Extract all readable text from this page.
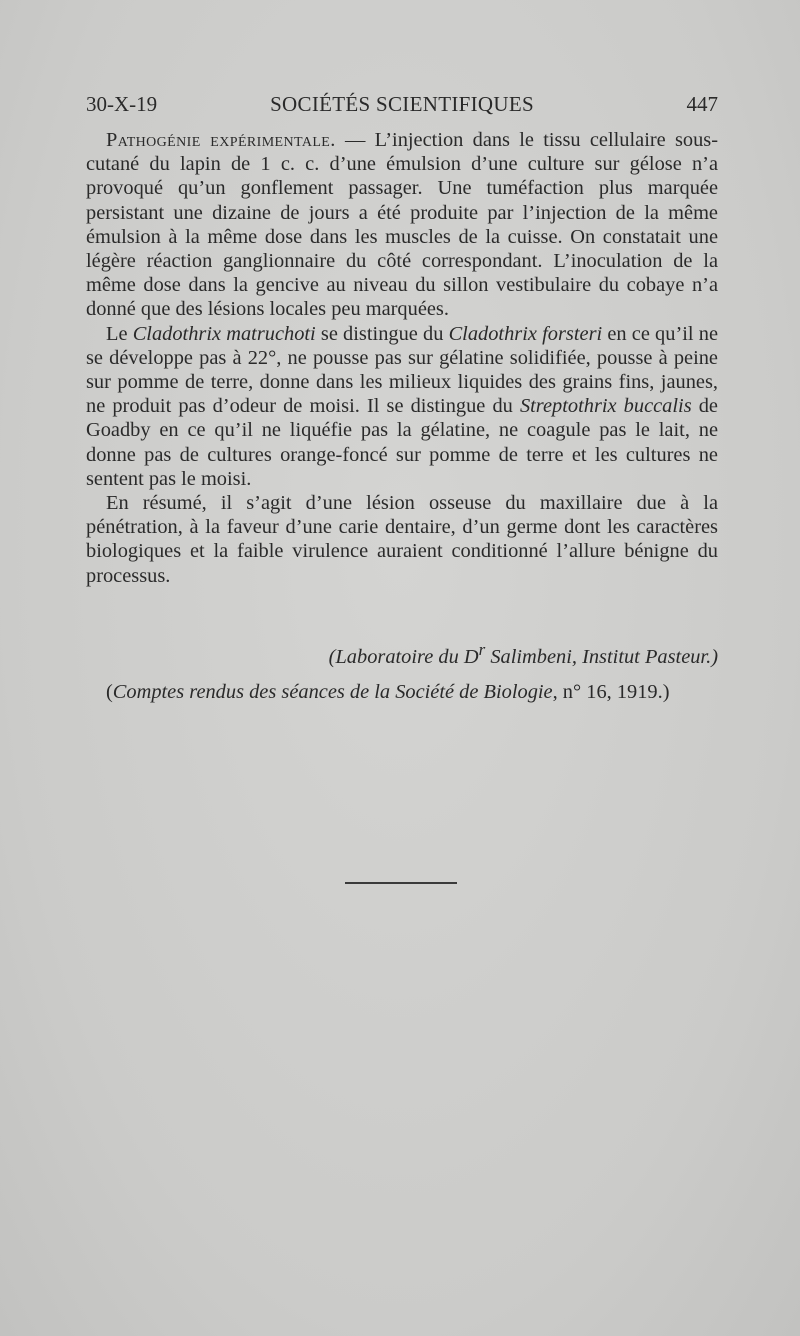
30-X-19	SOCIÉTÉS SCIENTIFIQUES	447

Pathogénie expérimentale. — L’injection dans le tissu cellulaire sous-cutané du lapin de 1 c. c. d’une émulsion d’une culture sur gélose n’a provoqué qu’un gonflement passager. Une tuméfaction plus marquée persistant une dizaine de jours a été produite par l’injection de la même émulsion à la même dose dans les muscles de la cuisse. On constatait une légère réaction ganglionnaire du côté correspondant. L’inoculation de la même dose dans la gencive au niveau du sillon vestibulaire du cobaye n’a donné que des lésions locales peu marquées.

Le Cladothrix matruchoti se distingue du Cladothrix forsteri en ce qu’il ne se développe pas à 22°, ne pousse pas sur gélatine solidifiée, pousse à peine sur pomme de terre, donne dans les milieux liquides des grains fins, jaunes, ne produit pas d’odeur de moisi. Il se distingue du Streptothrix buccalis de Goadby en ce qu’il ne liquéfie pas la gélatine, ne coagule pas le lait, ne donne pas de cultures orange-foncé sur pomme de terre et les cultures ne sentent pas le moisi.

En résumé, il s’agit d’une lésion osseuse du maxillaire due à la pénétration, à la faveur d’une carie dentaire, d’un germe dont les caractères biologiques et la faible virulence auraient conditionné l’allure bénigne du processus.

(Laboratoire du $D^r$ Salimbeni, Institut Pasteur.)
(Comptes rendus des séances de la Société de Biologie, n° 16, 1919.)
